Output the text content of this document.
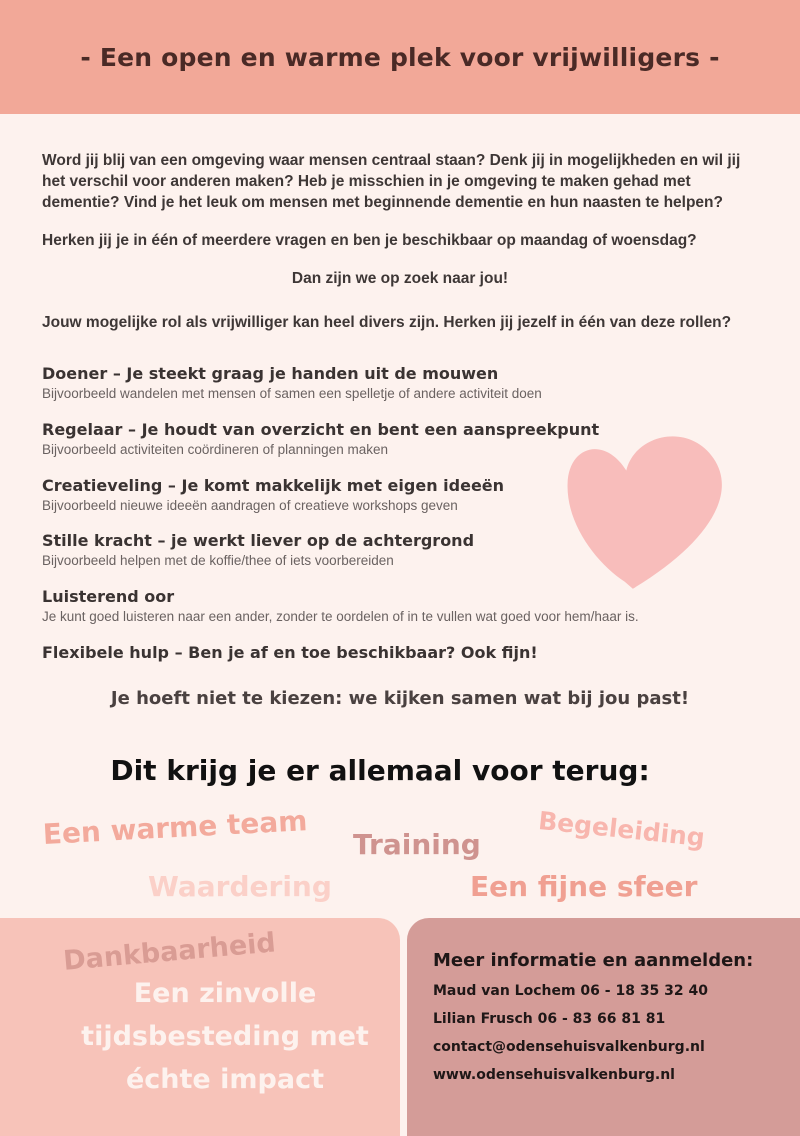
- Een open en warme plek voor vrijwilligers -

Word jij blij van een omgeving waar mensen centraal staan? Denk jij in mogelijkheden en wil jij het verschil voor anderen maken? Heb je misschien in je omgeving te maken gehad met dementie? Vind je het leuk om mensen met beginnende dementie en hun naasten te helpen?

Herken jij je in één of meerdere vragen en ben je beschikbaar op maandag of woensdag?

Dan zijn we op zoek naar jou!

Jouw mogelijke rol als vrijwilliger kan heel divers zijn. Herken jij jezelf in één van deze rollen?

Doener – Je steekt graag je handen uit de mouwen
Bijvoorbeeld wandelen met mensen of samen een spelletje of andere activiteit doen
Regelaar – Je houdt van overzicht en bent een aanspreekpunt
Bijvoorbeeld activiteiten coördineren of planningen maken
Creatieveling – Je komt makkelijk met eigen ideeën
Bijvoorbeeld nieuwe ideeën aandragen of creatieve workshops geven
Stille kracht – je werkt liever op de achtergrond
Bijvoorbeeld helpen met de koffie/thee of iets voorbereiden
Luisterend oor
Je kunt goed luisteren naar een ander, zonder te oordelen of in te vullen wat goed voor hem/haar is.
Flexibele hulp – Ben je af en toe beschikbaar? Ook fijn!

Je hoeft niet te kiezen: we kijken samen wat bij jou past!

Dit krijg je er allemaal voor terug:
Een warme team Training Begeleiding
Waardering	Een fijne sfeer
Dankbaarheid
Een zinvolle
tijdsbesteding met
échte impact
Meer informatie en aanmelden:
Maud van Lochem 06 - 18 35 32 40
Lilian Frusch 06 - 83 66 81 81
contact@odensehuisvalkenburg.nl
www.odensehuisvalkenburg.nl
